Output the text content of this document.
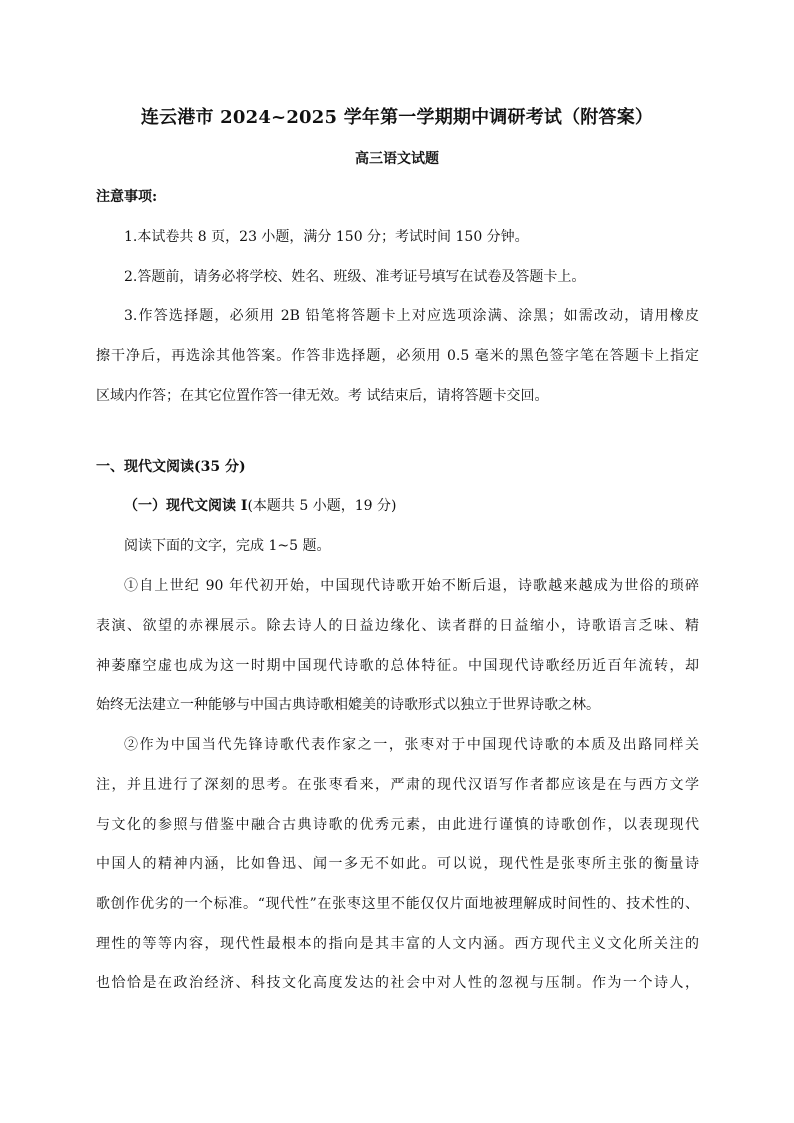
连云港市 2024~2025 学年第一学期期中调研考试（附答案）
高三语文试题
注意事项:
1.本试卷共 8 页，23 小题，满分 150 分；考试时间 150 分钟。
2.答题前，请务必将学校、姓名、班级、准考证号填写在试卷及答题卡上。
3.作答选择题，必须用 2B 铅笔将答题卡上对应选项涂满、涂黑；如需改动，请用橡皮
擦干净后，再选涂其他答案。作答非选择题，必须用 0.5 毫米的黑色签字笔在答题卡上指定
区域内作答；在其它位置作答一律无效。考 试结束后，请将答题卡交回。
一、现代文阅读(35 分)
（一）现代文阅读 I(本题共 5 小题，19 分)
阅读下面的文字，完成 1~5 题。
①自上世纪 90 年代初开始，中国现代诗歌开始不断后退，诗歌越来越成为世俗的琐碎
表演、欲望的赤裸展示。除去诗人的日益边缘化、读者群的日益缩小，诗歌语言乏味、精
神萎靡空虚也成为这一时期中国现代诗歌的总体特征。中国现代诗歌经历近百年流转，却
始终无法建立一种能够与中国古典诗歌相媲美的诗歌形式以独立于世界诗歌之林。
②作为中国当代先锋诗歌代表作家之一，张枣对于中国现代诗歌的本质及出路同样关
注，并且进行了深刻的思考。在张枣看来，严肃的现代汉语写作者都应该是在与西方文学
与文化的参照与借鉴中融合古典诗歌的优秀元素，由此进行谨慎的诗歌创作，以表现现代
中国人的精神内涵，比如鲁迅、闻一多无不如此。可以说，现代性是张枣所主张的衡量诗
歌创作优劣的一个标准。“现代性”在张枣这里不能仅仅片面地被理解成时间性的、技术性的、
理性的等等内容，现代性最根本的指向是其丰富的人文内涵。西方现代主义文化所关注的
也恰恰是在政治经济、科技文化高度发达的社会中对人性的忽视与压制。作为一个诗人，
